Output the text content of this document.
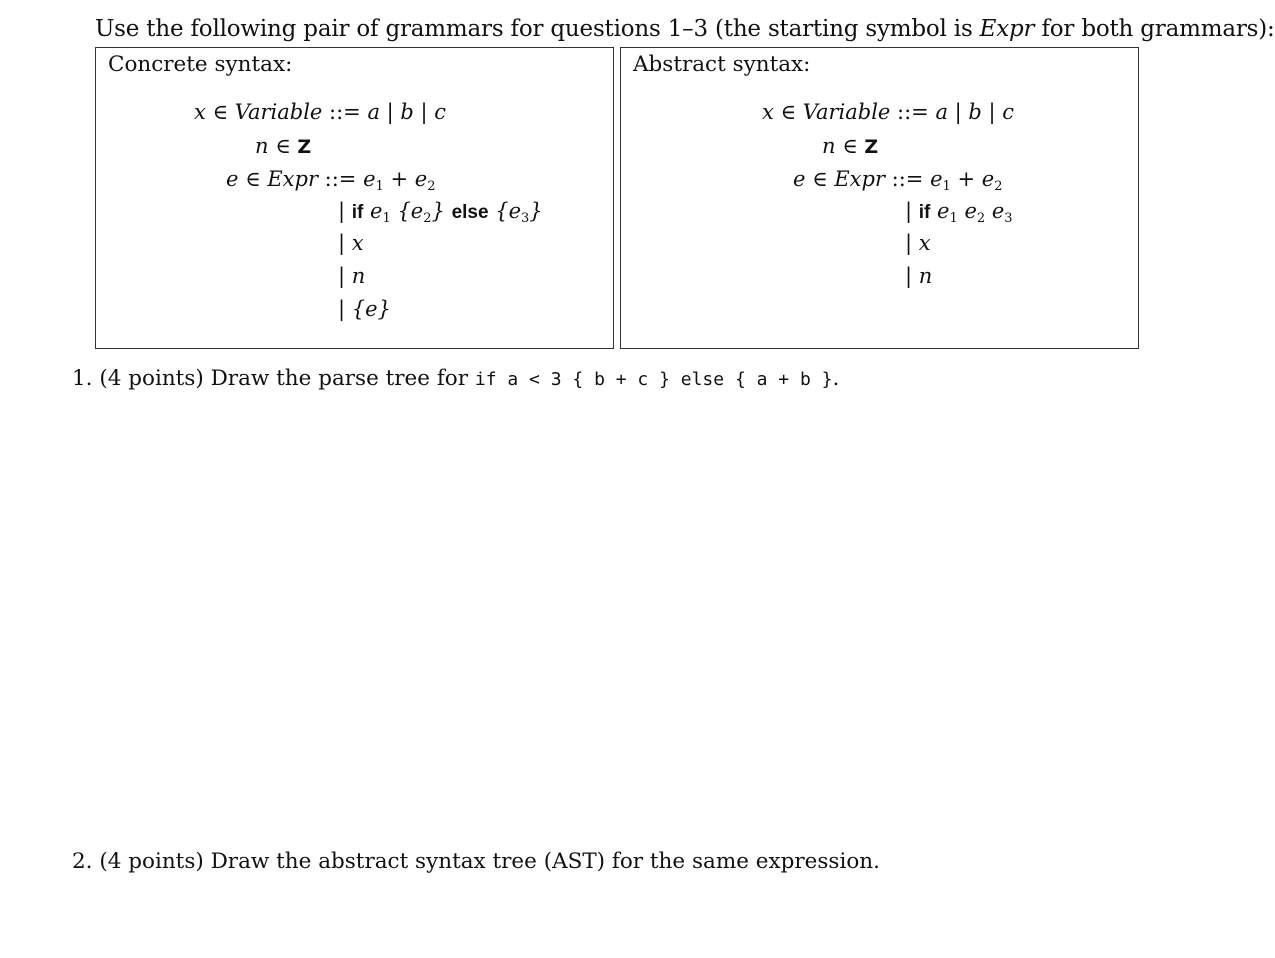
Use the following pair of grammars for questions 1–3 (the starting symbol is Expr for both grammars):
Concrete syntax:
x ∈ Variable ::= a | b | c
n ∈ Z
e ∈ Expr ::= $e_1 + e_2$
| if $e_1$ $\{e_2\}$ else $\{e_3\}$
| x
| n
| {e}
Abstract syntax:
x ∈ Variable ::= a | b | c
n ∈ Z
e ∈ Expr ::= $e_1 + e_2$
| if $e_1$ $e_2$ $e_3$
| x
| n
1. (4 points) Draw the parse tree for if a < 3 { b + c } else { a + b }.
2. (4 points) Draw the abstract syntax tree (AST) for the same expression.
